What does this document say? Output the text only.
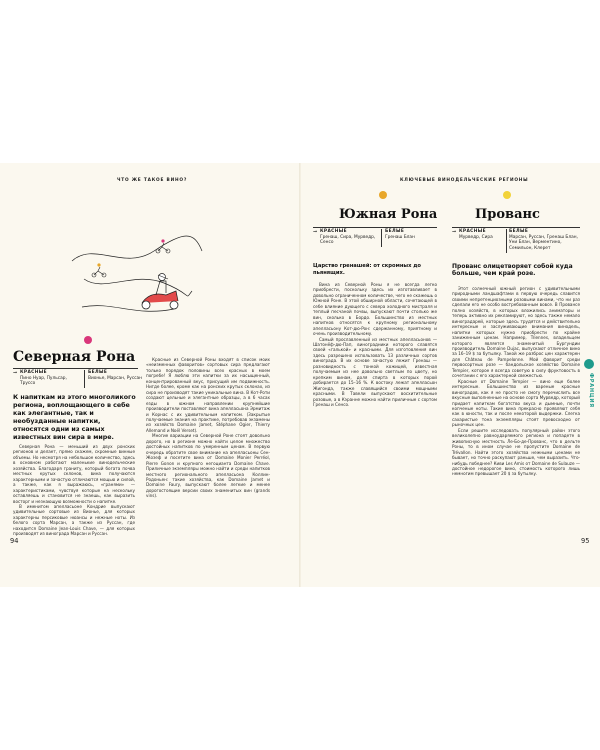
ЧТО ЖЕ ТАКОЕ ВИНО?
Северная Рона
➞ КРАСНЫЕ
Пино Нуар, Пульсар, Труссо
БЕЛЫЕ
Вионье, Марсан, Руссан
К напиткам из этого многоликого региона, воплощающего в себе как элегантные, так и необузданные напитки, относятся одни из самых известных вин сира в мире.

Северная Рона — меньший из двух ронских регионов и делает, прямо скажем, скромные винные объемы. Но несмотря на небольшое количество, здесь в основном работают маленькие винодельческие хозяйства. Благодаря граниту, который богата почва местных крутых склонов, вина получаются характерными и зачастую отличаются мощью и силой, а также, как я выражаюсь, «гранями» — характеристиками, чувствуя которые на нескольку оставляешь и становится не знаешь, как выразить восторг и незнающую возможности о напитке.

В именитом апелласьоне Кондрие выпускают удивительные сортовые из Вионье, для которых характерны персиковые нюансы и нежные ноты. Из белого сорта Марсан, а также из Руссан, где находится Domaine Jean-Louis Chave, — для которых производят из винограда Марсан и Руссан.

Красные из Северной Роны входят в список моих «неизменных фаворитов» сортовых сира предлагают только порядок половины всех красных в моем погребе! Я люблю эти напитки за их насыщенный, концентрированный вкус, присущий им подвижность. Нигде более, кроме как на ронских крутых склонах, из сира не производят такие уникальные вина. В Кот-Роти создают цельные и элегантные образцы, а в 6 часах езды в южном направлении крупнейшие производители поставляют вина апелласьона Эрмитаж и Корнас с их удивительным напитком. (Закрытые получаемые знания на практике, потребовав экзамены из хозяйств Domaine Jamet, Stéphane Ogier, Thierry Allemand и Noël Verset).

Многие вариации на Северной Роне стоят довольно дорого, но в регионе можно найти целое множество достойных напитков по умеренным ценам. В первую очередь обратите свое внимание на апелласьоны Сен-Жозеф и посетите вина от Domaine Monier Perréol, Pierre Gonon и крупного негоцианта Domaine Chave. Приличные экземпляры можно найти и среди напитков местного регионального апелласьона Коллин-Родоньен: такие хозяйства, как Domaine Jamet и Domaine Faury, выпускают более легкие и менее дорогостоящие версии своих знаменитых вин (grands vins).

94
КЛЮЧЕВЫЕ ВИНОДЕЛЬЧЕСКИЕ РЕГИОНЫ
Южная Рона	Прованс
➞ КРАСНЫЕ
Гренаш, Сира, Мурведр, Сенсо
БЕЛЫЕ
Гренаш Блан
➞ КРАСНЫЕ
Мурведр, Сира
БЕЛЫЕ
Марсан, Руссан, Гренаш Блан, Уни Блан, Верментино, Семильон, Клерет
Царство гренашей: от скромных до пьянящих.
Прованс олицетворяет собой куда больше, чем край розе.

Вина из Северной Роны я не всегда легко приобрести, поскольку здесь их изготавливает в довольно ограниченном количестве, чего не скажешь о Южной Роне. В этой обширной области, сочетающей в себе влияние дующего с севера холодного мистраля и теплый песчаной почвы, выпускают почти столько же вин, сколько в Бордо. Большинство из местных напитков относятся к крупному региональному апелласьону Кот-дю-Рон: сдержанному, приятному и очень производительному.

Самый прославленный из местных апелласьонов — Шатонёф-дю-Пап, виноградники которого славятся своей «галькой» и красными. Для изготовления вин здесь разрешено использовать 13 различных сортов винограда. В их основе зачастую лежит Гренаш — разновидность с тонкой кожицей, известная получаемым из нее довольно светлым по цвету, но крепким винам, доля спирта в которых порой добирается до 15–16 %. К востоку лежат апелласьон Жигонда, также славящийся своими мощными красными. В Тавели выпускают восхитительные розовые, а в Кэранне можно найти приличные с сортом Гренаш и Сенсо.

Этот солнечный южный регион с удивительными природными ландшафтами в первую очередь славится своими непретенциозными розовыми винами, что ни раз сделали его не особо востребованным вовсе. В Провансе полно хозяйств, в которых вложились аниматоры и теперь активно их рекламируют, но здесь также немало виноградарей, которые здесь трудятся и действительно интересные и заслуживающие внимания винодель, напитки которых нужно приобрести по крайне заниженным ценам. Например, Triennes, владельцем которого является знаменитый Бургундии производитель Domaine Dujac, выпускают отличное вино за 16–19 $ за бутылку. Такой же разброс цен характерен для Château de Pampelonne. Мой фаворит среди первосортных розе — бандольское хозяйство Domaine Tempier, которое я всегда советую в силу фруктовость в сочетании с его характерной свежестью.

Красные от Domaine Tempier — вино еще более интересные. Большинство из вареные красные виноградов, как я не просто не смогу перечислить все вкусные выполненные на основе сорта Мурведр, который придает напиткам богатство вкуса и дымные, почти копченые ноты. Такие вина прекрасно проявляют себя как в юности, так и после некоторой выдержки. Слегка сахаристые тона экземпляры стоят превосходно от рыночных цен.

Если решите исследовать популярный район этого великолепно равноударяемого региона и попадете в живописную местность Ле-Бо-де-Прованс, что в дельте Роны, то в ином случае не пропустите Domaine de Trévallon. Найти этого хозяйства нежными ценами не бывает, но точно раскупают раньше, чем выразить. Что-нибудь победнее? Киви Les Amis от Domaine de Sulauze — достойное недорогое вино, стоимость которого лишь немногим превышает 20 $ за бутылку.

95
ФРАНЦИЯ
